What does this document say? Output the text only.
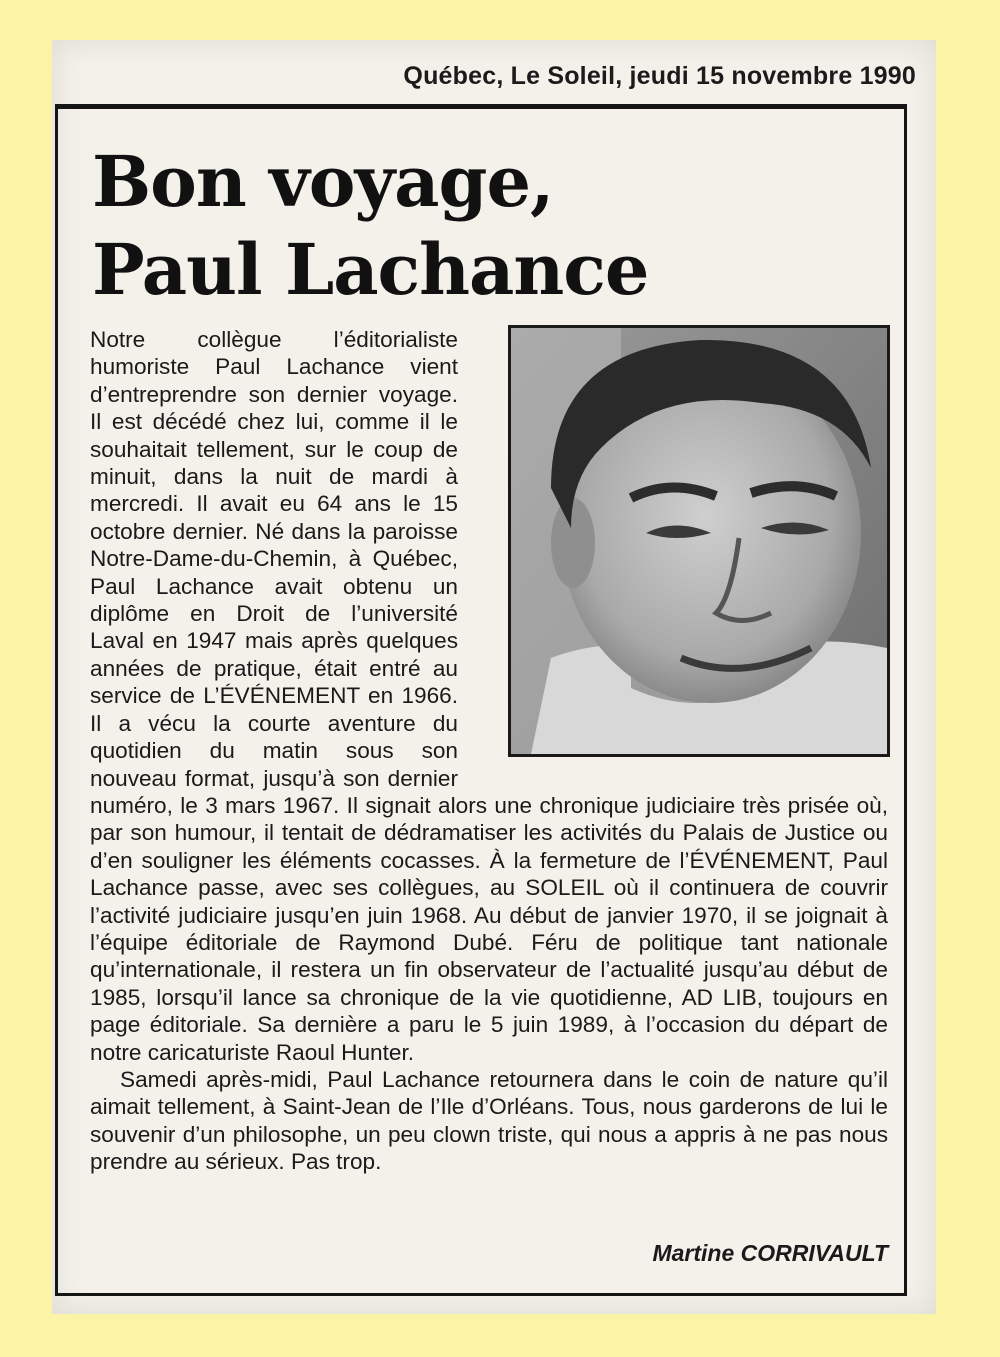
Québec, Le Soleil, jeudi 15 novembre 1990
Bon voyage,
Paul Lachance

Notre collègue l’éditorialiste humoriste Paul Lachance vient d’entreprendre son dernier voyage. Il est décédé chez lui, comme il le souhaitait tellement, sur le coup de minuit, dans la nuit de mardi à mercredi. Il avait eu 64 ans le 15 octobre dernier. Né dans la paroisse Notre-Dame-du-Chemin, à Québec, Paul Lachance avait obtenu un diplôme en Droit de l’université Laval en 1947 mais après quelques années de pratique, était entré au service de L’ÉVÉNEMENT en 1966. Il a vécu la courte aventure du quotidien du matin sous son nouveau format, jusqu’à son dernier numéro, le 3 mars 1967. Il signait alors une chronique judiciaire très prisée où, par son humour, il tentait de dédramatiser les activités du Palais de Justice ou d’en souligner les éléments cocasses. À la fermeture de l’ÉVÉNEMENT, Paul Lachance passe, avec ses collègues, au SOLEIL où il continuera de couvrir l’activité judiciaire jusqu’en juin 1968. Au début de janvier 1970, il se joignait à l’équipe éditoriale de Raymond Dubé. Féru de politique tant nationale qu’internationale, il restera un fin observateur de l’actualité jusqu’au début de 1985, lorsqu’il lance sa chronique de la vie quotidienne, AD LIB, toujours en page éditoriale. Sa dernière a paru le 5 juin 1989, à l’occasion du départ de notre caricaturiste Raoul Hunter.

Samedi après-midi, Paul Lachance retournera dans le coin de nature qu’il aimait tellement, à Saint-Jean de l’Ile d’Orléans. Tous, nous garderons de lui le souvenir d’un philosophe, un peu clown triste, qui nous a appris à ne pas nous prendre au sérieux. Pas trop.

Martine CORRIVAULT
